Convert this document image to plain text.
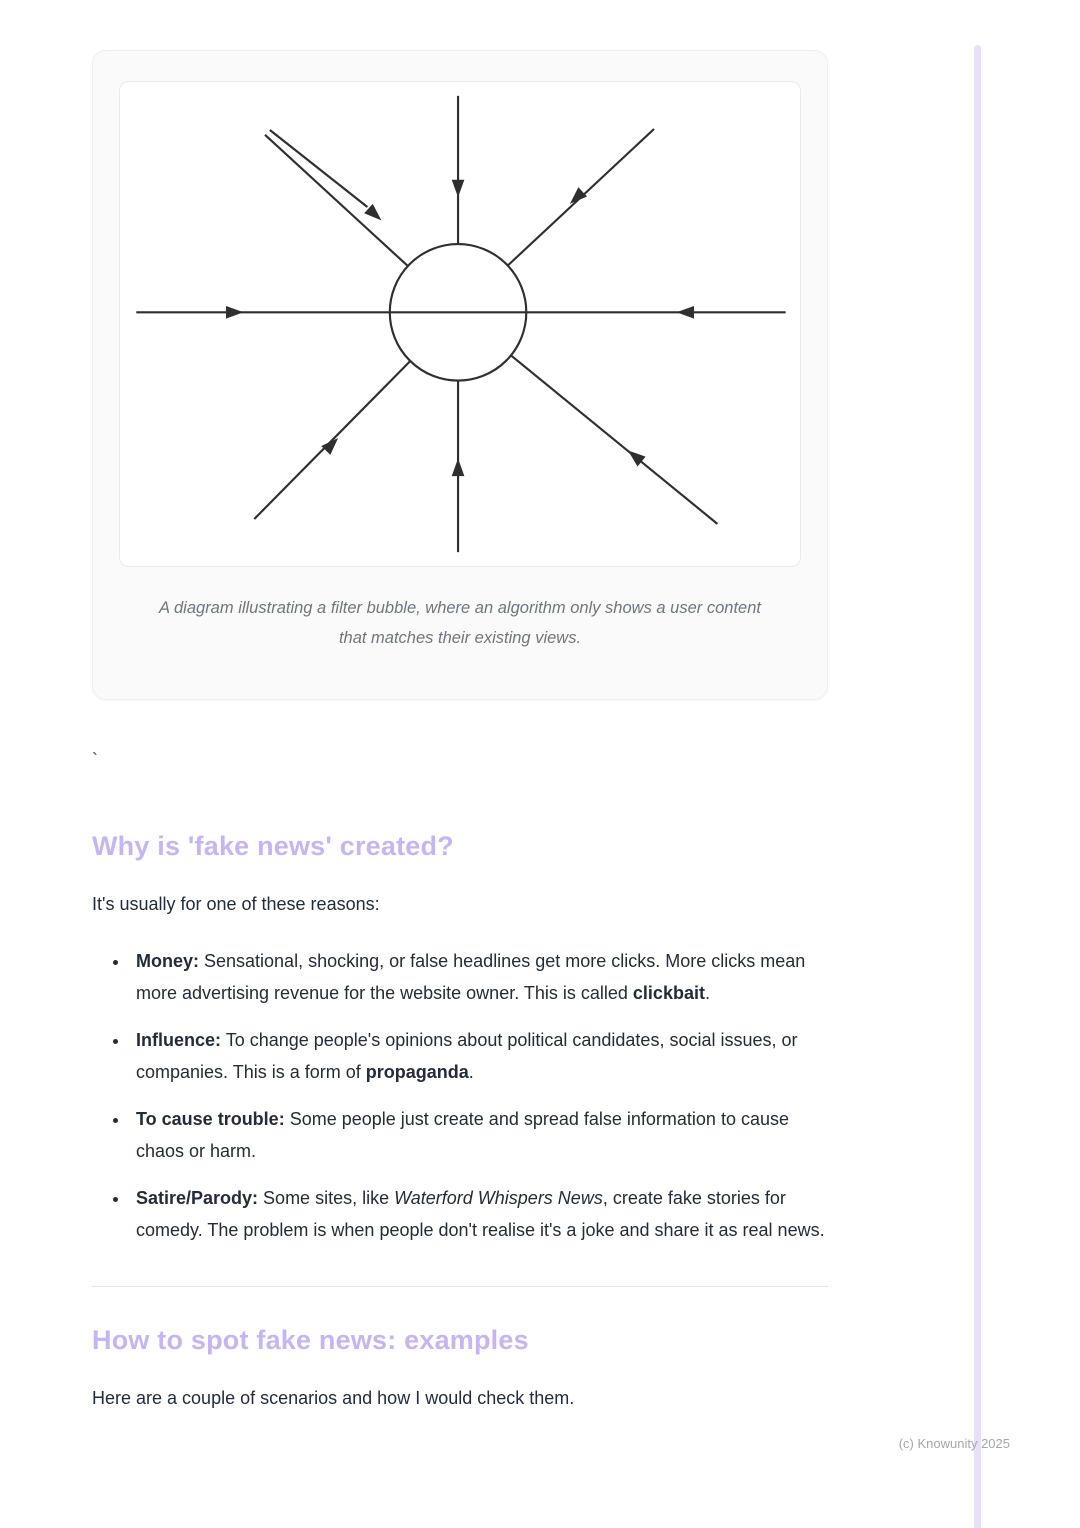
A diagram illustrating a filter bubble, where an algorithm only shows a user content that matches their existing views.

`

Why is 'fake news' created?

It's usually for one of these reasons:

• Money: Sensational, shocking, or false headlines get more clicks. More clicks mean more advertising revenue for the website owner. This is called clickbait.
• Influence: To change people's opinions about political candidates, social issues, or companies. This is a form of propaganda.
• To cause trouble: Some people just create and spread false information to cause chaos or harm.
• Satire/Parody: Some sites, like Waterford Whispers News, create fake stories for comedy. The problem is when people don't realise it's a joke and share it as real news.
How to spot fake news: examples

Here are a couple of scenarios and how I would check them.

(c) Knowunity 2025
